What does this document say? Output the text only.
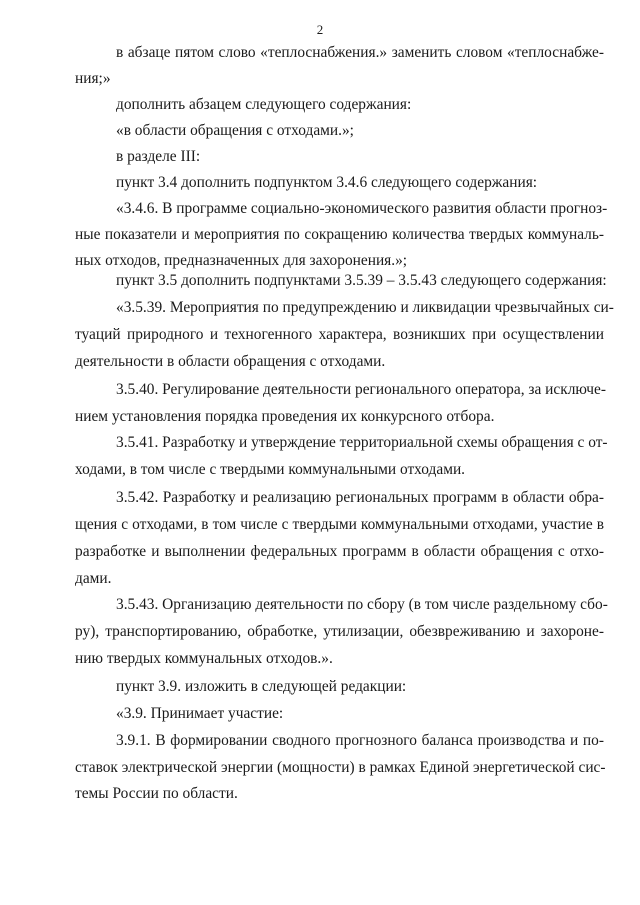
2
в абзаце пятом слово «теплоснабжения.» заменить словом «теплоснабже-
ния;»
дополнить абзацем следующего содержания:
«в области обращения с отходами.»;
в разделе III:
пункт 3.4 дополнить подпунктом 3.4.6 следующего содержания:
«3.4.6. В программе социально-экономического развития области прогноз-
ные показатели и мероприятия по сокращению количества твердых коммуналь-
ных отходов, предназначенных для захоронения.»;
пункт 3.5 дополнить подпунктами 3.5.39 – 3.5.43 следующего содержания:
«3.5.39. Мероприятия по предупреждению и ликвидации чрезвычайных си-
туаций природного и техногенного характера, возникших при осуществлении
деятельности в области обращения с отходами.
3.5.40. Регулирование деятельности регионального оператора, за исключе-
нием установления порядка проведения их конкурсного отбора.
3.5.41. Разработку и утверждение территориальной схемы обращения с от-
ходами, в том числе с твердыми коммунальными отходами.
3.5.42. Разработку и реализацию региональных программ в области обра-
щения с отходами, в том числе с твердыми коммунальными отходами, участие в
разработке и выполнении федеральных программ в области обращения с отхо-
дами.
3.5.43. Организацию деятельности по сбору (в том числе раздельному сбо-
ру), транспортированию, обработке, утилизации, обезвреживанию и захороне-
нию твердых коммунальных отходов.».
пункт 3.9. изложить в следующей редакции:
«3.9. Принимает участие:
3.9.1. В формировании сводного прогнозного баланса производства и по-
ставок электрической энергии (мощности) в рамках Единой энергетической сис-
темы России по области.
